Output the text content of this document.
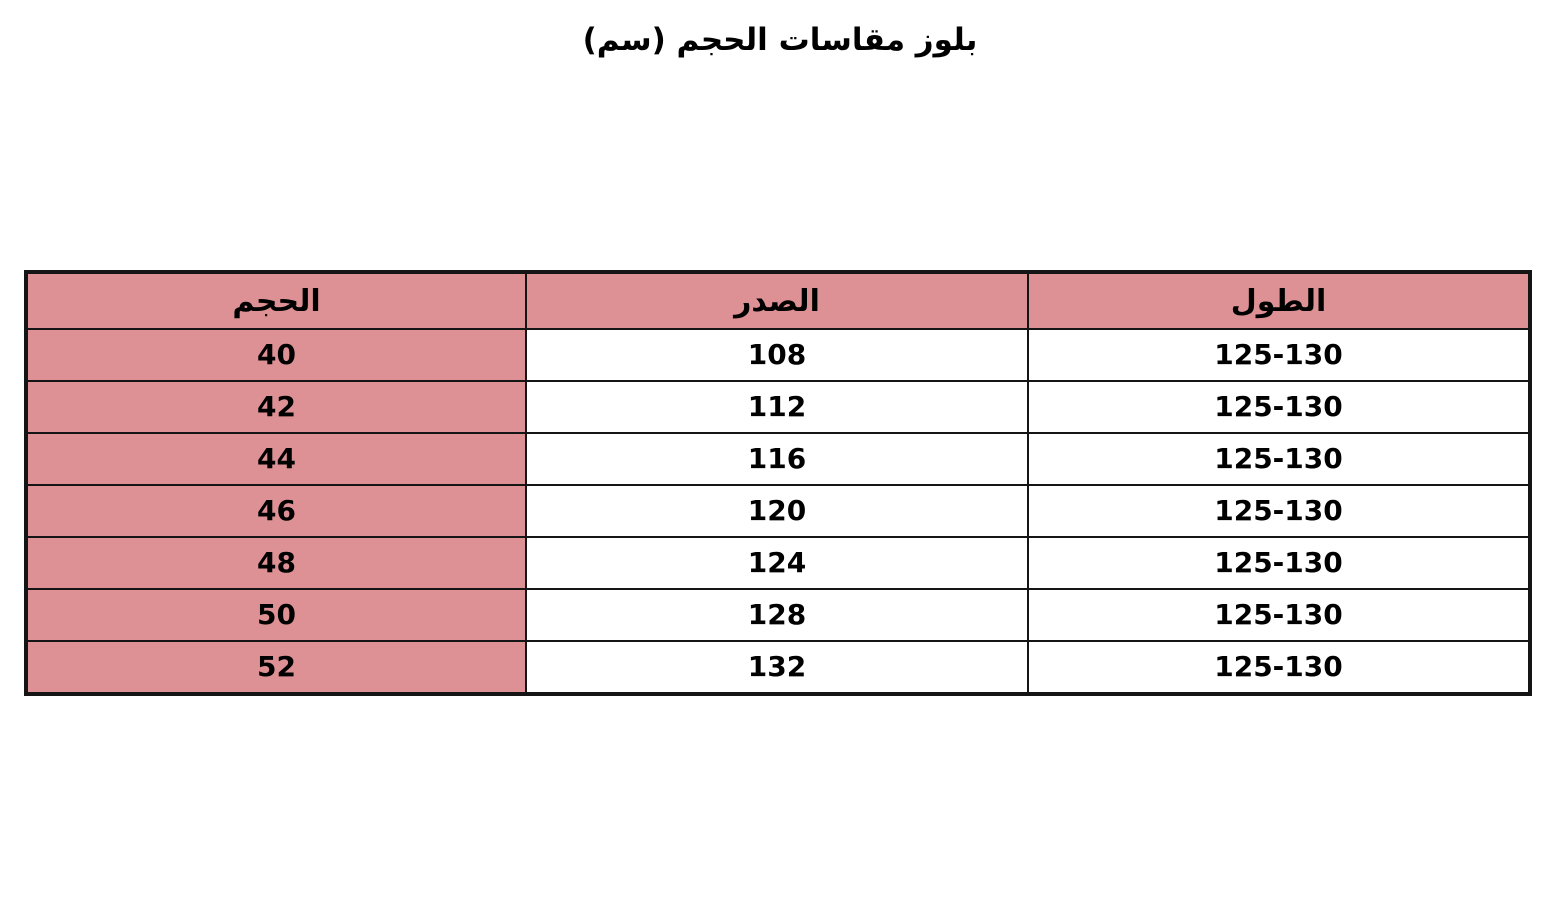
بلوز مقاسات الحجم (سم)
الطول	الصدر	الحجم
125-130	108	40
125-130	112	42
125-130	116	44
125-130	120	46
125-130	124	48
125-130	128	50
125-130	132	52
